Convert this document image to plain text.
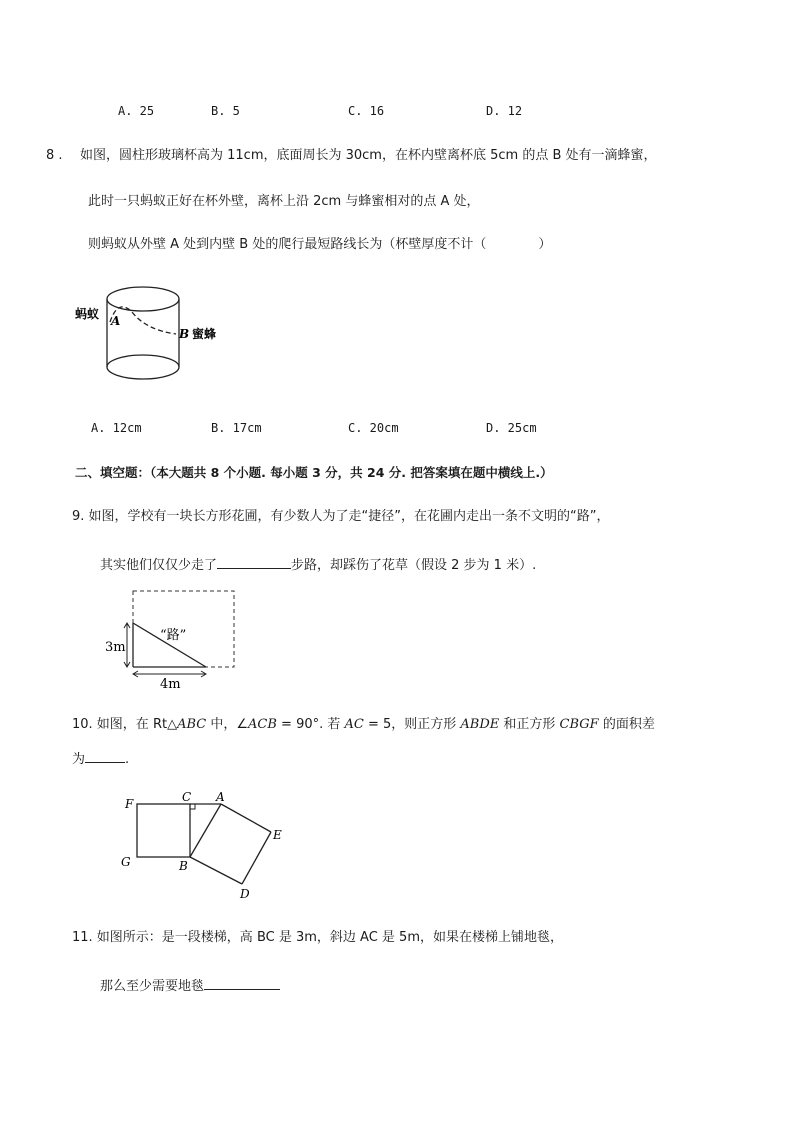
A. 25	B. 5	C. 16	D. 12
8 . 如图，圆柱形玻璃杯高为 11cm，底面周长为 30cm，在杯内壁离杯底 5cm 的点 B 处有一滴蜂蜜，
此时一只蚂蚁正好在杯外壁，离杯上沿 2cm 与蜂蜜相对的点 A 处，
则蚂蚁从外壁 A 处到内壁 B 处的爬行最短路线长为（杯壁厚度不计（	）
蚂蚁 A
B 蜜蜂
A. 12cm	B. 17cm	C. 20cm	D. 25cm
二、填空题：（本大题共 8 个小题. 每小题 3 分，共 24 分. 把答案填在题中横线上.）
9. 如图，学校有一块长方形花圃，有少数人为了走“捷径”，在花圃内走出一条不文明的“路”，
其实他们仅仅少走了	步路，却踩伤了花草（假设 2 步为 1 米）.
“路”
3m
4m
10. 如图，在 Rt△ABC 中，∠ACB = 90°. 若 AC = 5，则正方形 ABDE 和正方形 CBGF 的面积差
为	.
F	C A
E
G	B
D
11. 如图所示：是一段楼梯，高 BC 是 3m，斜边 AC 是 5m，如果在楼梯上铺地毯，
那么至少需要地毯
